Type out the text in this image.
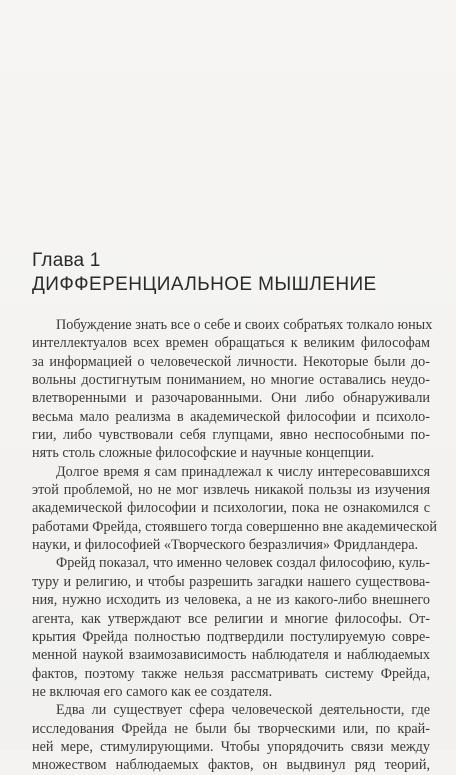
Глава 1
ДИФФЕРЕНЦИАЛЬНОЕ МЫШЛЕНИЕ
Побуждение знать все о себе и своих собратьях толкало юных
интеллектуалов всех времен обращаться к великим философам
за информацией о человеческой личности. Некоторые были до-
вольны достигнутым пониманием, но многие оставались неудо-
влетворенными и разочарованными. Они либо обнаруживали
весьма мало реализма в академической философии и психоло-
гии, либо чувствовали себя глупцами, явно неспособными по-
нять столь сложные философские и научные концепции.
Долгое время я сам принадлежал к числу интересовавшихся
этой проблемой, но не мог извлечь никакой пользы из изучения
академической философии и психологии, пока не ознакомился с
работами Фрейда, стоявшего тогда совершенно вне академической
науки, и философией «Творческого безразличия» Фридландера.
Фрейд показал, что именно человек создал философию, куль-
туру и религию, и чтобы разрешить загадки нашего существова-
ния, нужно исходить из человека, а не из какого-либо внешнего
агента, как утверждают все религии и многие философы. От-
крытия Фрейда полностью подтвердили постулируемую совре-
менной наукой взаимозависимость наблюдателя и наблюдаемых
фактов, поэтому также нельзя рассматривать систему Фрейда,
не включая его самого как ее создателя.
Едва ли существует сфера человеческой деятельности, где
исследования Фрейда не были бы творческими или, по край-
ней мере, стимулирующими. Чтобы упорядочить связи между
множеством наблюдаемых фактов, он выдвинул ряд теорий,
